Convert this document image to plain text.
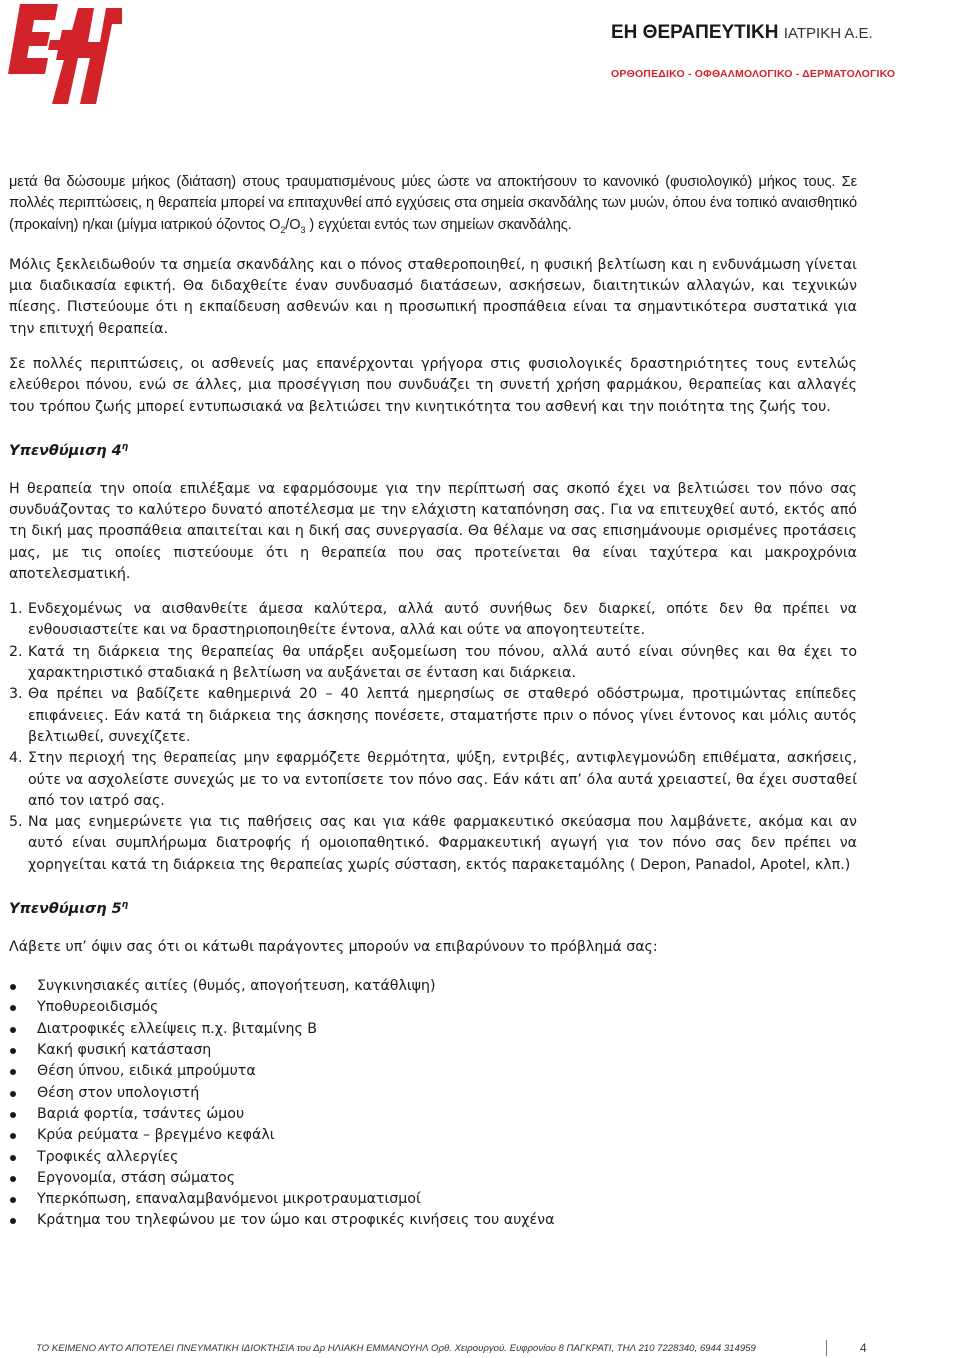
ΕΗ ΘΕΡΑΠΕΥΤΙΚΗ ΙΑΤΡΙΚΗ Α.Ε.
ΟΡΘΟΠΕΔΙΚΟ - ΟΦΘΑΛΜΟΛΟΓΙΚΟ - ΔΕΡΜΑΤΟΛΟΓΙΚΟ

μετά θα δώσουμε μήκος (διάταση) στους τραυματισμένους μύες ώστε να αποκτήσουν το κανονικό (φυσιολογικό) μήκος τους. Σε πολλές περιπτώσεις, η θεραπεία μπορεί να επιταχυνθεί από εγχύσεις στα σημεία σκανδάλης των μυών, όπου ένα τοπικό αναισθητικό (προκαίνη) η/και (μίγμα ιατρικού όζοντος $O_2/O_3$ ) εγχύεται εντός των σημείων σκανδάλης.

Μόλις ξεκλειδωθούν τα σημεία σκανδάλης και ο πόνος σταθεροποιηθεί, η φυσική βελτίωση και η ενδυνάμωση γίνεται μια διαδικασία εφικτή. Θα διδαχθείτε έναν συνδυασμό διατάσεων, ασκήσεων, διαιτητικών αλλαγών, και τεχνικών πίεσης. Πιστεύουμε ότι η εκπαίδευση ασθενών και η προσωπική προσπάθεια είναι τα σημαντικότερα συστατικά για την επιτυχή θεραπεία.

Σε πολλές περιπτώσεις, οι ασθενείς μας επανέρχονται γρήγορα στις φυσιολογικές δραστηριότητες τους εντελώς ελεύθεροι πόνου, ενώ σε άλλες, μια προσέγγιση που συνδυάζει τη συνετή χρήση φαρμάκου, θεραπείας και αλλαγές του τρόπου ζωής μπορεί εντυπωσιακά να βελτιώσει την κινητικότητα του ασθενή και την ποιότητα της ζωής του.

Υπενθύμιση $4^\eta$

Η θεραπεία την οποία επιλέξαμε να εφαρμόσουμε για την περίπτωσή σας σκοπό έχει να βελτιώσει τον πόνο σας συνδυάζοντας το καλύτερο δυνατό αποτέλεσμα με την ελάχιστη καταπόνηση σας. Για να επιτευχθεί αυτό, εκτός από τη δική μας προσπάθεια απαιτείται και η δική σας συνεργασία. Θα θέλαμε να σας επισημάνουμε ορισμένες προτάσεις μας, με τις οποίες πιστεύουμε ότι η θεραπεία που σας προτείνεται θα είναι ταχύτερα και μακροχρόνια αποτελεσματική.

1. Ενδεχομένως να αισθανθείτε άμεσα καλύτερα, αλλά αυτό συνήθως δεν διαρκεί, οπότε δεν θα πρέπει να ενθουσιαστείτε και να δραστηριοποιηθείτε έντονα, αλλά και ούτε να απογοητευτείτε.
2. Κατά τη διάρκεια της θεραπείας θα υπάρξει αυξομείωση του πόνου, αλλά αυτό είναι σύνηθες και θα έχει το χαρακτηριστικό σταδιακά η βελτίωση να αυξάνεται σε ένταση και διάρκεια.
3. Θα πρέπει να βαδίζετε καθημερινά 20 – 40 λεπτά ημερησίως σε σταθερό οδόστρωμα, προτιμώντας επίπεδες επιφάνειες. Εάν κατά τη διάρκεια της άσκησης πονέσετε, σταματήστε πριν ο πόνος γίνει έντονος και μόλις αυτός βελτιωθεί, συνεχίζετε.
4. Στην περιοχή της θεραπείας μην εφαρμόζετε θερμότητα, ψύξη, εντριβές, αντιφλεγμονώδη επιθέματα, ασκήσεις, ούτε να ασχολείστε συνεχώς με το να εντοπίσετε τον πόνο σας. Εάν κάτι απ’ όλα αυτά χρειαστεί, θα έχει συσταθεί από τον ιατρό σας.
5. Να μας ενημερώνετε για τις παθήσεις σας και για κάθε φαρμακευτικό σκεύασμα που λαμβάνετε, ακόμα και αν αυτό είναι συμπλήρωμα διατροφής ή ομοιοπαθητικό. Φαρμακευτική αγωγή για τον πόνο σας δεν πρέπει να χορηγείται κατά τη διάρκεια της θεραπείας χωρίς σύσταση, εκτός παρακεταμόλης ( Depon, Panadol, Apotel, κλπ.)
Υπενθύμιση $5^\eta$

Λάβετε υπ’ όψιν σας ότι οι κάτωθι παράγοντες μπορούν να επιβαρύνουν το πρόβλημά σας:

Συγκινησιακές αιτίες (θυμός, απογοήτευση, κατάθλιψη)
Υποθυρεοιδισμός
Διατροφικές ελλείψεις π.χ. βιταμίνης Β
Κακή φυσική κατάσταση
Θέση ύπνου, ειδικά μπρούμυτα
Θέση στον υπολογιστή
Βαριά φορτία, τσάντες ώμου
Κρύα ρεύματα – βρεγμένο κεφάλι
Τροφικές αλλεργίες
Εργονομία, στάση σώματος
Υπερκόπωση, επαναλαμβανόμενοι μικροτραυματισμοί
Κράτημα του τηλεφώνου με τον ώμο και στροφικές κινήσεις του αυχένα
ΤΟ ΚΕΙΜΕΝΟ ΑΥΤΟ ΑΠΟΤΕΛΕΙ ΠΝΕΥΜΑΤΙΚΗ ΙΔΙΟΚΤΗΣΙΑ του Δρ ΗΛΙΑΚΗ ΕΜΜΑΝΟΥΗΛ Ορθ. Χειρουργού. Ευφρονίου 8 ΠΑΓΚΡΑΤΙ, ΤΗΛ 210 7228340, 6944 314959	4
